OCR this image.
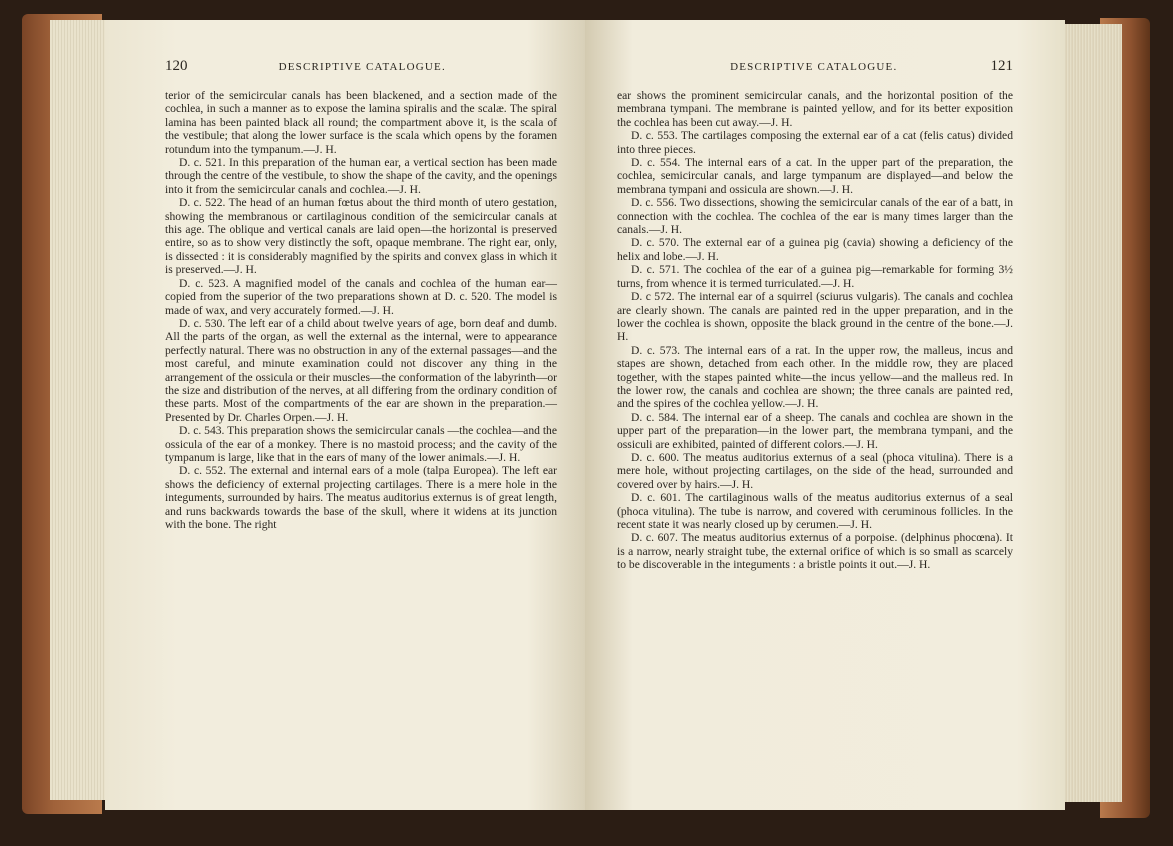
120	DESCRIPTIVE CATALOGUE.

terior of the semicircular canals has been blackened, and a section made of the cochlea, in such a manner as to expose the lamina spiralis and the scalæ. The spiral lamina has been painted black all round; the compartment above it, is the scala of the vestibule; that along the lower surface is the scala which opens by the foramen rotundum into the tympanum.—J. H.

D. c. 521. In this preparation of the human ear, a vertical section has been made through the centre of the vestibule, to show the shape of the cavity, and the openings into it from the semicircular canals and cochlea.—J. H.

D. c. 522. The head of an human fœtus about the third month of utero gestation, showing the membranous or cartilaginous condition of the semicircular canals at this age. The oblique and vertical canals are laid open—the horizontal is preserved entire, so as to show very distinctly the soft, opaque membrane. The right ear, only, is dissected : it is considerably magnified by the spirits and convex glass in which it is preserved.—J. H.

D. c. 523. A magnified model of the canals and cochlea of the human ear—copied from the superior of the two preparations shown at D. c. 520. The model is made of wax, and very accurately formed.—J. H.

D. c. 530. The left ear of a child about twelve years of age, born deaf and dumb. All the parts of the organ, as well the external as the internal, were to appearance perfectly natural. There was no obstruction in any of the external passages—and the most careful, and minute examination could not discover any thing in the arrangement of the ossicula or their muscles—the conformation of the labyrinth—or the size and distribution of the nerves, at all differing from the ordinary condition of these parts. Most of the compartments of the ear are shown in the preparation.— Presented by Dr. Charles Orpen.—J. H.

D. c. 543. This preparation shows the semicircular canals —the cochlea—and the ossicula of the ear of a monkey. There is no mastoid process; and the cavity of the tympanum is large, like that in the ears of many of the lower animals.—J. H.

D. c. 552. The external and internal ears of a mole (talpa Europea). The left ear shows the deficiency of external projecting cartilages. There is a mere hole in the integuments, surrounded by hairs. The meatus auditorius externus is of great length, and runs backwards towards the base of the skull, where it widens at its junction with the bone. The right

DESCRIPTIVE CATALOGUE.	121

ear shows the prominent semicircular canals, and the horizontal position of the membrana tympani. The membrane is painted yellow, and for its better exposition the cochlea has been cut away.—J. H.

D. c. 553. The cartilages composing the external ear of a cat (felis catus) divided into three pieces.

D. c. 554. The internal ears of a cat. In the upper part of the preparation, the cochlea, semicircular canals, and large tympanum are displayed—and below the membrana tympani and ossicula are shown.—J. H.

D. c. 556. Two dissections, showing the semicircular canals of the ear of a batt, in connection with the cochlea. The cochlea of the ear is many times larger than the canals.—J. H.

D. c. 570. The external ear of a guinea pig (cavia) showing a deficiency of the helix and lobe.—J. H.

D. c. 571. The cochlea of the ear of a guinea pig—remarkable for forming 3½ turns, from whence it is termed turriculated.—J. H.

D. c 572. The internal ear of a squirrel (sciurus vulgaris). The canals and cochlea are clearly shown. The canals are painted red in the upper preparation, and in the lower the cochlea is shown, opposite the black ground in the centre of the bone.—J. H.

D. c. 573. The internal ears of a rat. In the upper row, the malleus, incus and stapes are shown, detached from each other. In the middle row, they are placed together, with the stapes painted white—the incus yellow—and the malleus red. In the lower row, the canals and cochlea are shown; the three canals are painted red, and the spires of the cochlea yellow.—J. H.

D. c. 584. The internal ear of a sheep. The canals and cochlea are shown in the upper part of the preparation—in the lower part, the membrana tympani, and the ossiculi are exhibited, painted of different colors.—J. H.

D. c. 600. The meatus auditorius externus of a seal (phoca vitulina). There is a mere hole, without projecting cartilages, on the side of the head, surrounded and covered over by hairs.—J. H.

D. c. 601. The cartilaginous walls of the meatus auditorius externus of a seal (phoca vitulina). The tube is narrow, and covered with ceruminous follicles. In the recent state it was nearly closed up by cerumen.—J. H.

D. c. 607. The meatus auditorius externus of a porpoise. (delphinus phocœna). It is a narrow, nearly straight tube, the external orifice of which is so small as scarcely to be discoverable in the integuments : a bristle points it out.—J. H.
